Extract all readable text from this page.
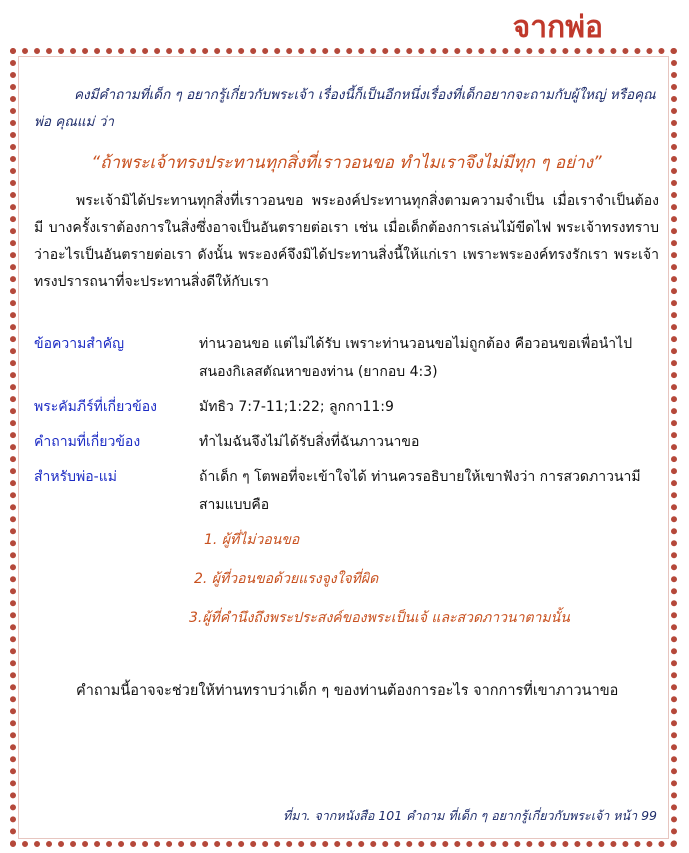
จากพ่อ

คงมีคำถามที่เด็ก ๆ อยากรู้เกี่ยวกับพระเจ้า เรื่องนี้ก็เป็นอีกหนึ่งเรื่องที่เด็กอยากจะถามกับผู้ใหญ่ หรือคุณพ่อ คุณแม่ ว่า

“ถ้าพระเจ้าทรงประทานทุกสิ่งที่เราวอนขอ ทำไมเราจึงไม่มีทุก ๆ อย่าง”

พระเจ้ามิได้ประทานทุกสิ่งที่เราวอนขอ พระองค์ประทานทุกสิ่งตามความจำเป็น เมื่อเราจำเป็นต้องมี บางครั้งเราต้องการในสิ่งซึ่งอาจเป็นอันตรายต่อเรา เช่น เมื่อเด็กต้องการเล่นไม้ขีดไฟ พระเจ้าทรงทราบว่าอะไรเป็นอันตรายต่อเรา ดังนั้น พระองค์จึงมิได้ประทานสิ่งนี้ให้แก่เรา เพราะพระองค์ทรงรักเรา พระเจ้าทรงปรารถนาที่จะประทานสิ่งดีให้กับเรา

ข้อความสำคัญ	ท่านวอนขอ แต่ไม่ได้รับ เพราะท่านวอนขอไม่ถูกต้อง คือวอนขอเพื่อนำไปสนองกิเลสตัณหาของท่าน (ยากอบ 4:3)
พระคัมภีร์ที่เกี่ยวข้อง	มัทธิว 7:7-11;1:22; ลูกกา11:9
คำถามที่เกี่ยวข้อง	ทำไมฉันจึงไม่ได้รับสิ่งที่ฉันภาวนาขอ
สำหรับพ่อ-แม่	ถ้าเด็ก ๆ โตพอที่จะเข้าใจได้ ท่านควรอธิบายให้เขาฟังว่า การสวดภาวนามีสามแบบคือ
1. ผู้ที่ไม่วอนขอ
2. ผู้ที่วอนขอด้วยแรงจูงใจที่ผิด
3.ผู้ที่คำนึงถึงพระประสงค์ของพระเป็นเจ้ และสวดภาวนาตามนั้น

คำถามนี้อาจจะช่วยให้ท่านทราบว่าเด็ก ๆ ของท่านต้องการอะไร จากการที่เขาภาวนาขอ

ที่มา. จากหนังสือ 101 คำถาม ที่เด็ก ๆ อยากรู้เกี่ยวกับพระเจ้า หน้า 99
